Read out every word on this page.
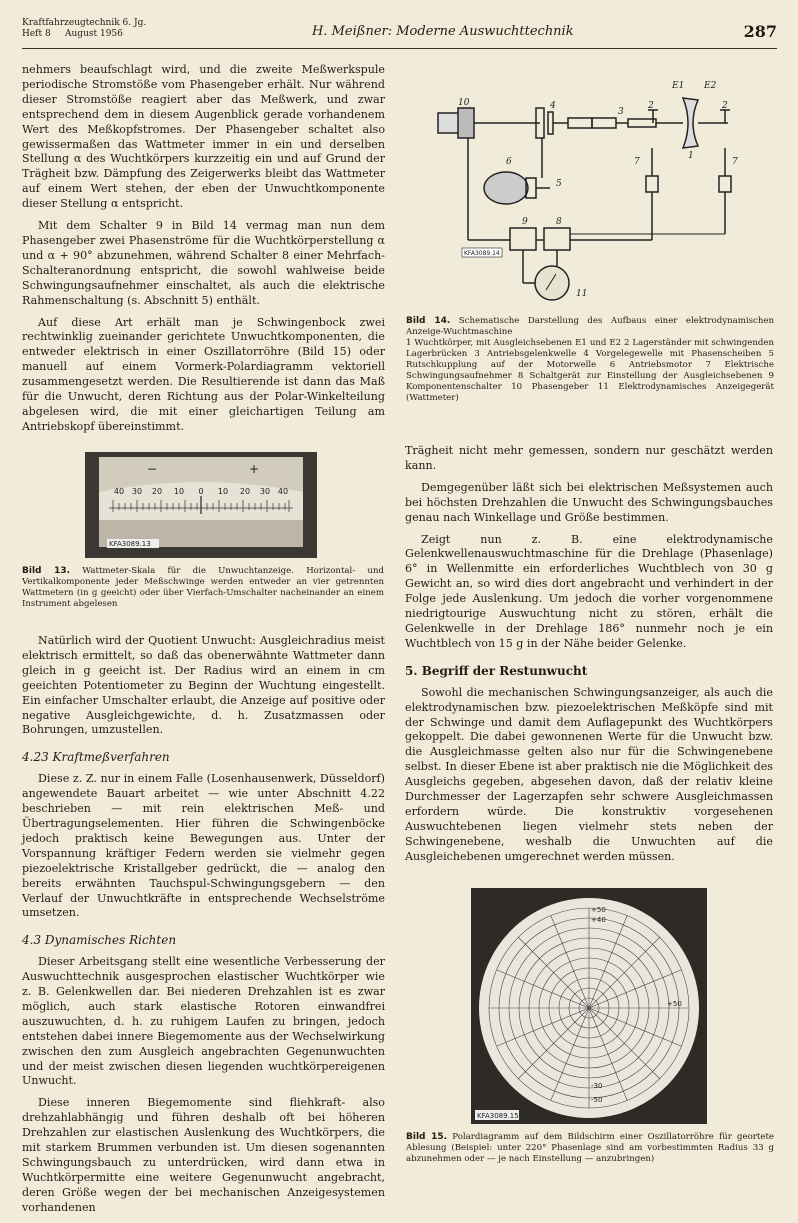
Kraftfahrzeugtechnik 6. Jg.
Heft 8     August 1956	H. Meißner: Moderne Auswuchttechnik	287

nehmers beaufschlagt wird, und die zweite Meßwerkspule periodische Stromstöße vom Phasengeber erhält. Nur während dieser Stromstöße reagiert aber das Meßwerk, und zwar entsprechend dem in diesem Augenblick gerade vorhandenem Wert des Meßkopfstromes. Der Phasengeber schaltet also gewissermaßen das Wattmeter immer in ein und derselben Stellung α des Wuchtkörpers kurzzeitig ein und auf Grund der Trägheit bzw. Dämpfung des Zeigerwerks bleibt das Wattmeter auf einem Wert stehen, der eben der Unwuchtkomponente dieser Stellung α entspricht.

Mit dem Schalter 9 in Bild 14 vermag man nun dem Phasengeber zwei Phasenströme für die Wuchtkörperstellung α und α + 90° abzunehmen, während Schalter 8 einer Mehrfach-Schalteranordnung entspricht, die sowohl wahlweise beide Schwingungsaufnehmer einschaltet, als auch die elektrische Rahmenschaltung (s. Abschnitt 5) enthält.

Auf diese Art erhält man je Schwingenbock zwei rechtwinklig zueinander gerichtete Unwuchtkomponenten, die entweder elektrisch in einer Oszillatorröhre (Bild 15) oder manuell auf einem Vormerk-Polardiagramm vektoriell zusammengesetzt werden. Die Resultierende ist dann das Maß für die Unwucht, deren Richtung aus der Polar-Winkelteilung abgelesen wird, die mit einer gleichartigen Teilung am Antriebskopf übereinstimmt.

−	+
40 30 20 10 0 10 20 30 40
KFA3089.13
Bild 13. Wattmeter-Skala für die Unwuchtanzeige. Horizontal- und Vertikalkomponente jeder Meßschwinge werden entweder an vier getrennten Wattmetern (in g geeicht) oder über Vierfach-Umschalter nacheinander an einem Instrument abgelesen

Natürlich wird der Quotient Unwucht: Ausgleichradius meist elektrisch ermittelt, so daß das obenerwähnte Wattmeter dann gleich in g geeicht ist. Der Radius wird an einem in cm geeichten Potentiometer zu Beginn der Wuchtung eingestellt. Ein einfacher Umschalter erlaubt, die Anzeige auf positive oder negative Ausgleichgewichte, d. h. Zusatzmassen oder Bohrungen, umzustellen.

4.23 Kraftmeßverfahren

Diese z. Z. nur in einem Falle (Losenhausenwerk, Düsseldorf) angewendete Bauart arbeitet — wie unter Abschnitt 4.22 beschrieben — mit rein elektrischen Meß- und Übertragungselementen. Hier führen die Schwingenböcke jedoch praktisch keine Bewegungen aus. Unter der Vorspannung kräftiger Federn werden sie vielmehr gegen piezoelektrische Kristallgeber gedrückt, die — analog den bereits erwähnten Tauchspul-Schwingungsgebern — den Verlauf der Unwuchtkräfte in entsprechende Wechselströme umsetzen.

4.3 Dynamisches Richten

Dieser Arbeitsgang stellt eine wesentliche Verbesserung der Auswuchttechnik ausgesprochen elastischer Wuchtkörper wie z. B. Gelenkwellen dar. Bei niederen Drehzahlen ist es zwar möglich, auch stark elastische Rotoren einwandfrei auszuwuchten, d. h. zu ruhigem Laufen zu bringen, jedoch entstehen dabei innere Biegemomente aus der Wechselwirkung zwischen den zum Ausgleich angebrachten Gegenunwuchten und der meist zwischen diesen liegenden wuchtkörpereigenen Unwucht.

Diese inneren Biegemomente sind fliehkraft- also drehzahlabhängig und führen deshalb oft bei höheren Drehzahlen zur elastischen Auslenkung des Wuchtkörpers, die mit starkem Brummen verbunden ist. Um diesen sogenannten Schwingungsbauch zu unterdrücken, wird dann etwa in Wuchtkörpermitte eine weitere Gegenunwucht angebracht, deren Größe wegen der bei mechanischen Anzeigesystemen vorhandenen

10	4
3
2	2
1
6
5
7	7
9	8
11
E1 E2
KFA3089.14
Bild 14. Schematische Darstellung des Aufbaus einer elektrodynamischen Anzeige-Wuchtmaschine
1 Wuchtkörper, mit Ausgleichsebenen E1 und E2 2 Lagerständer mit schwingenden Lagerbrücken 3 Antriebsgelenkwelle 4 Vorgelegewelle mit Phasenscheiben 5 Rutschkupplung auf der Motorwelle 6 Antriebsmotor 7 Elektrische Schwingungsaufnehmer 8 Schaltgerät zur Einstellung der Ausgleichsebenen 9 Komponentenschalter 10 Phasengeber 11 Elektrodynamisches Anzeigegerät (Wattmeter)

Trägheit nicht mehr gemessen, sondern nur geschätzt werden kann.

Demgegenüber läßt sich bei elektrischen Meßsystemen auch bei höchsten Drehzahlen die Unwucht des Schwingungsbauches genau nach Winkellage und Größe bestimmen.

Zeigt nun z. B. eine elektrodynamische Gelenkwellenauswuchtmaschine für die Drehlage (Phasenlage) 6° in Wellenmitte ein erforderliches Wuchtblech von 30 g Gewicht an, so wird dies dort angebracht und verhindert in der Folge jede Auslenkung. Um jedoch die vorher vorgenommene niedrigtourige Auswuchtung nicht zu stören, erhält die Gelenkwelle in der Drehlage 186° nunmehr noch je ein Wuchtblech von 15 g in der Nähe beider Gelenke.

5. Begriff der Restunwucht

Sowohl die mechanischen Schwingungsanzeiger, als auch die elektrodynamischen bzw. piezoelektrischen Meßköpfe sind mit der Schwinge und damit dem Auflagepunkt des Wuchtkörpers gekoppelt. Die dabei gewonnenen Werte für die Unwucht bzw. die Ausgleichmasse gelten also nur für die Schwingenebene selbst. In dieser Ebene ist aber praktisch nie die Möglichkeit des Ausgleichs gegeben, abgesehen davon, daß der relativ kleine Durchmesser der Lagerzapfen sehr schwere Ausgleichmassen erfordern würde. Die konstruktiv vorgesehenen Auswuchtebenen liegen vielmehr stets neben der Schwingenebene, weshalb die Unwuchten auf die Ausgleichebenen umgerechnet werden müssen.

+40
+50
-30
-50
+50
KFA3089.15
Bild 15. Polardiagramm auf dem Bildschirm einer Oszillatorröhre für geortete Ablesung (Beispiel: unter 220° Phasenlage sind am vorbestimmten Radius 33 g abzunehmen oder — je nach Einstellung — anzubringen)
